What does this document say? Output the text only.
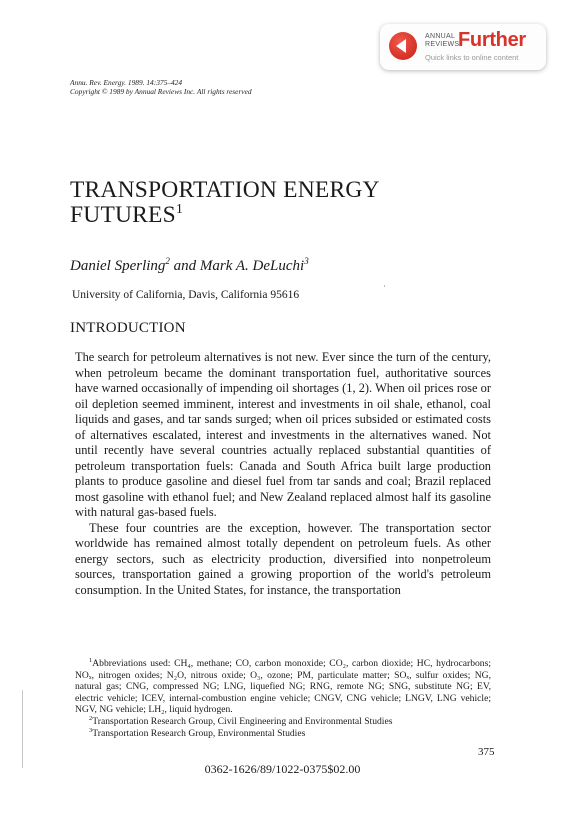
ANNUAL
REVIEWS
Further
Quick links to online content
Annu. Rev. Energy. 1989. 14:375–424
Copyright © 1989 by Annual Reviews Inc. All rights reserved
TRANSPORTATION ENERGY
FUTURES$^1$
Daniel Sperling$^2$ and Mark A. DeLuchi$^3$
University of California, Davis, California 95616
INTRODUCTION

The search for petroleum alternatives is not new. Ever since the turn of the century, when petroleum became the dominant transportation fuel, authoritative sources have warned occasionally of impending oil shortages (1, 2). When oil prices rose or oil depletion seemed imminent, interest and investments in oil shale, ethanol, coal liquids and gases, and tar sands surged; when oil prices subsided or estimated costs of alternatives escalated, interest and investments in the alternatives waned. Not until recently have several countries actually replaced substantial quantities of petroleum transportation fuels: Canada and South Africa built large production plants to produce gasoline and diesel fuel from tar sands and coal; Brazil replaced most gasoline with ethanol fuel; and New Zealand replaced almost half its gasoline with natural gas-based fuels.

These four countries are the exception, however. The transportation sector worldwide has remained almost totally dependent on petroleum fuels. As other energy sectors, such as electricity production, diversified into nonpetroleum sources, transportation gained a growing proportion of the world's petroleum consumption. In the United States, for instance, the transportation

$^1$Abbreviations used: CH₄, methane; CO, carbon monoxide; CO₂, carbon dioxide; HC, hydrocarbons; NOₓ, nitrogen oxides; N₂O, nitrous oxide; O₃, ozone; PM, particulate matter; SOₓ, sulfur oxides; NG, natural gas; CNG, compressed NG; LNG, liquefied NG; RNG, remote NG; SNG, substitute NG; EV, electric vehicle; ICEV, internal-combustion engine vehicle; CNGV, CNG vehicle; LNGV, LNG vehicle; NGV, NG vehicle; LH₂, liquid hydrogen.

$^2$Transportation Research Group, Civil Engineering and Environmental Studies

$^3$Transportation Research Group, Environmental Studies

375
0362-1626/89/1022-0375$02.00
